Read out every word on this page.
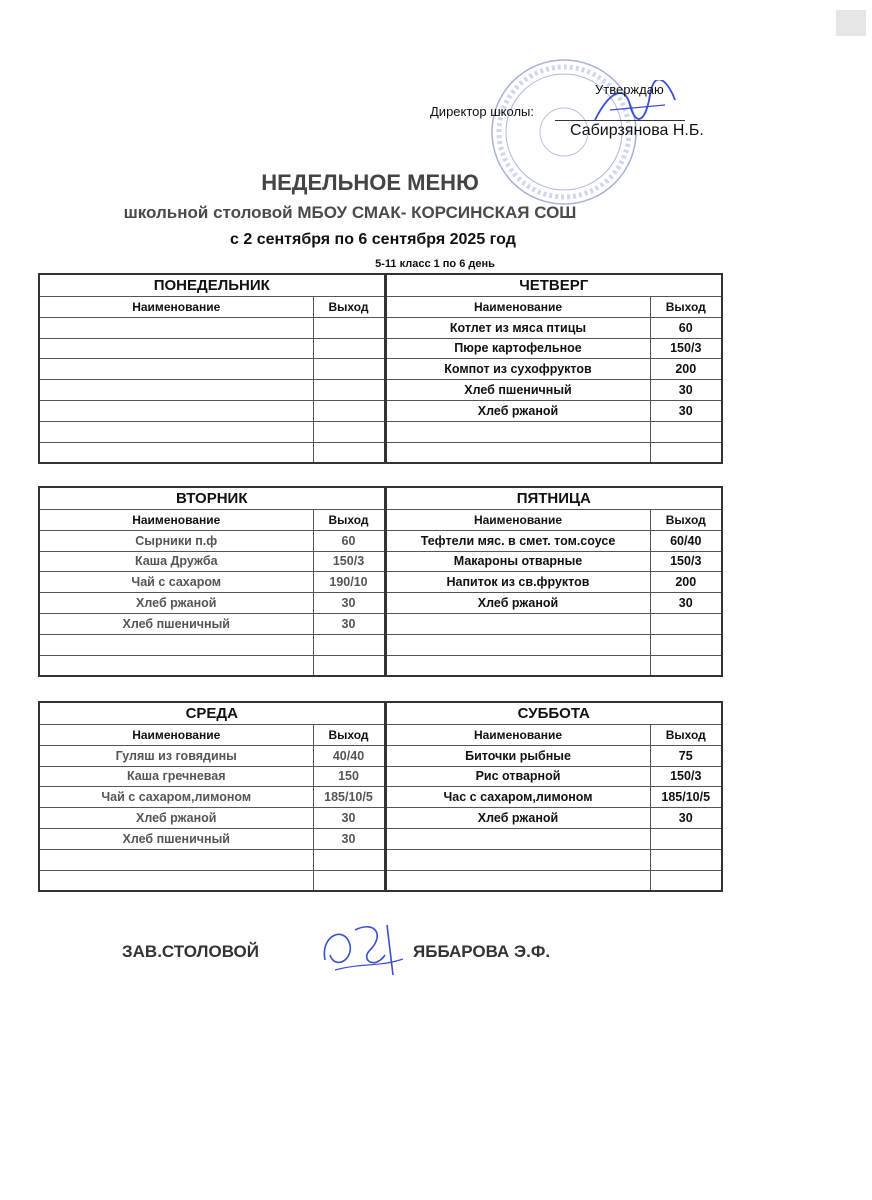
Утверждаю
Директор школы:
Сабирзянова Н.Б.
НЕДЕЛЬНОЕ МЕНЮ
школьной столовой МБОУ СМАК- КОРСИНСКАЯ СОШ
с 2 сентября по 6 сентября 2025 год
5-11 класс 1 по 6 день
ПОНЕДЕЛЬНИК		ЧЕТВЕРГ	
Наименование	Выход	Наименование	Выход
		Котлет из мяса птицы	60
		Пюре картофельное	150/3
		Компот из сухофруктов	200
		Хлеб пшеничный	30
		Хлеб ржаной	30

ВТОРНИК		ПЯТНИЦА	
Наименование	Выход	Наименование	Выход
Сырники п.ф	60	Тефтели мяс. в смет. том.соусе	60/40
Каша Дружба	150/3	Макароны отварные	150/3
Чай с сахаром	190/10	Напиток из св.фруктов	200
Хлеб ржаной	30	Хлеб ржаной	30
Хлеб пшеничный	30		

СРЕДА		СУББОТА	
Наименование	Выход	Наименование	Выход
Гуляш из говядины	40/40	Биточки рыбные	75
Каша гречневая	150	Рис отварной	150/3
Чай с сахаром,лимоном	185/10/5	Час с сахаром,лимоном	185/10/5
Хлеб ржаной	30	Хлеб ржаной	30
Хлеб пшеничный	30		

ЗАВ.СТОЛОВОЙ	ЯББАРОВА Э.Ф.
